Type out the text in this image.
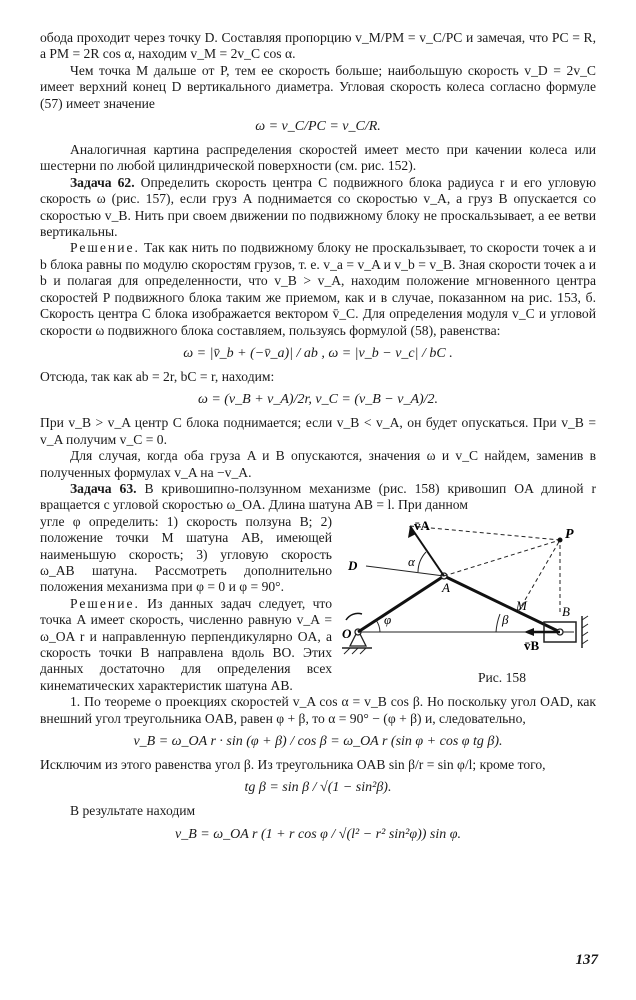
обода проходит через точку D. Составляя пропорцию v_M/PM = v_C/PC и замечая, что PC = R, а PM = 2R cos α, находим v_M = 2v_C cos α.

Чем точка M дальше от P, тем ее скорость больше; наибольшую скорость v_D = 2v_C имеет верхний конец D вертикального диаметра. Угловая скорость колеса согласно формуле (57) имеет значение

ω = v_C/PC = v_C/R.

Аналогичная картина распределения скоростей имеет место при качении колеса или шестерни по любой цилиндрической поверхности (см. рис. 152).

Задача 62. Определить скорость центра C подвижного блока радиуса r и его угловую скорость ω (рис. 157), если груз A поднимается со скоростью v_A, а груз B опускается со скоростью v_B. Нить при своем движении по подвижному блоку не проскальзывает, а ее ветви вертикальны.

Решение. Так как нить по подвижному блоку не проскальзывает, то скорости точек a и b блока равны по модулю скоростям грузов, т. е. v_a = v_A и v_b = v_B. Зная скорости точек a и b и полагая для определенности, что v_B > v_A, находим положение мгновенного центра скоростей P подвижного блока таким же приемом, как и в случае, показанном на рис. 153, б. Скорость центра C блока изображается вектором v̄_C. Для определения модуля v_C и угловой скорости ω подвижного блока составляем, пользуясь формулой (58), равенства:

ω = |v̄_b + (−v̄_a)| / ab , ω = |v_b − v_c| / bC .

Отсюда, так как ab = 2r, bC = r, находим:

ω = (v_B + v_A)/2r, v_C = (v_B − v_A)/2.

При v_B > v_A центр C блока поднимается; если v_B < v_A, он будет опускаться. При v_B = v_A получим v_C = 0.

Для случая, когда оба груза A и B опускаются, значения ω и v_C найдем, заменив в полученных формулах v_A на −v_A.

Задача 63. В кривошипно-ползунном механизме (рис. 158) кривошип OA длиной r вращается с угловой скоростью ω_OA. Длина шатуна AB = l. При данном

угле φ определить: 1) скорость ползуна B; 2) положение точки M шатуна AB, имеющей наименьшую скорость; 3) угловую скорость ω_AB шатуна. Рассмотреть дополнительно положения механизма при φ = 0 и φ = 90°.

Решение. Из данных задач следует, что точка A имеет скорость, численно равную v_A = ω_OA r и направленную перпендикулярно OA, а скорость точки B направлена вдоль BO. Этих данных достаточно для определения всех кинематических характеристик шатуна AB.

v̄A
P
D	α
A
M
O
φ	β
B
v̄B
Рис. 158

1. По теореме о проекциях скоростей v_A cos α = v_B cos β. Но поскольку угол OAD, как внешний угол треугольника OAB, равен φ + β, то α = 90° − (φ + β) и, следовательно,

v_B = ω_OA r · sin (φ + β) / cos β = ω_OA r (sin φ + cos φ tg β).

Исключим из этого равенства угол β. Из треугольника OAB sin β/r = sin φ/l; кроме того,

tg β = sin β / √(1 − sin²β).

В результате находим

v_B = ω_OA r (1 + r cos φ / √(l² − r² sin²φ)) sin φ.
137
